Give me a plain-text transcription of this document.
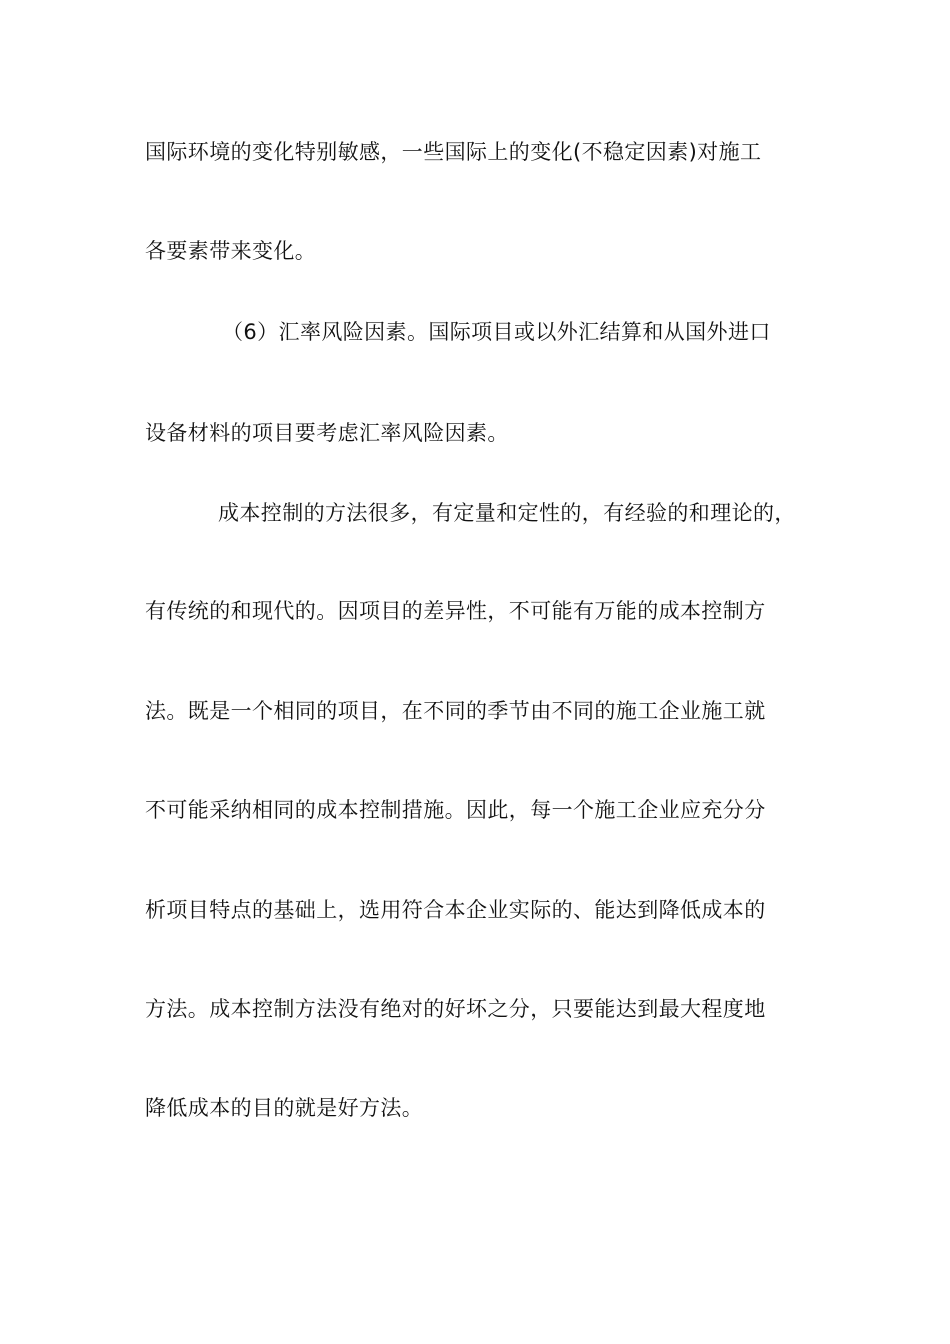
国际环境的变化特别敏感，一些国际上的变化(不稳定因素)对施工
各要素带来变化。
（6）汇率风险因素。国际项目或以外汇结算和从国外进口
设备材料的项目要考虑汇率风险因素。
成本控制的方法很多，有定量和定性的，有经验的和理论的，
有传统的和现代的。因项目的差异性，不可能有万能的成本控制方
法。既是一个相同的项目，在不同的季节由不同的施工企业施工就
不可能采纳相同的成本控制措施。因此，每一个施工企业应充分分
析项目特点的基础上，选用符合本企业实际的、能达到降低成本的
方法。成本控制方法没有绝对的好坏之分，只要能达到最大程度地
降低成本的目的就是好方法。
